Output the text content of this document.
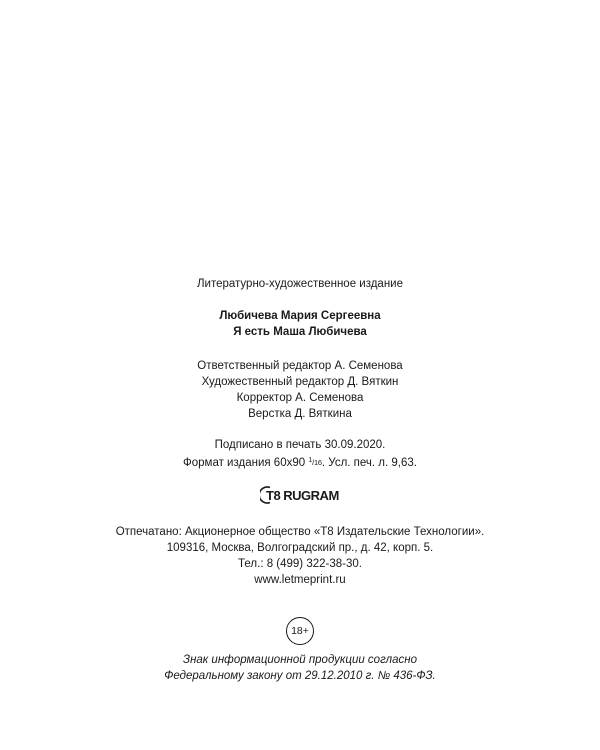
Литературно-художественное издание
Любичева Мария Сергеевна
Я есть Маша Любичева
Ответственный редактор А. Семенова
Художественный редактор Д. Вяткин
Корректор А. Семенова
Верстка Д. Вяткина
Подписано в печать 30.09.2020.
Формат издания 60x90 $^1$/16. Усл. печ. л. 9,63.
T8 RUGRAM
Отпечатано: Акционерное общество «Т8 Издательские Технологии».
109316, Москва, Волгоградский пр., д. 42, корп. 5.
Тел.: 8 (499) 322-38-30.
www.letmeprint.ru
18+
Знак информационной продукции согласно
Федеральному закону от 29.12.2010 г. № 436-ФЗ.
